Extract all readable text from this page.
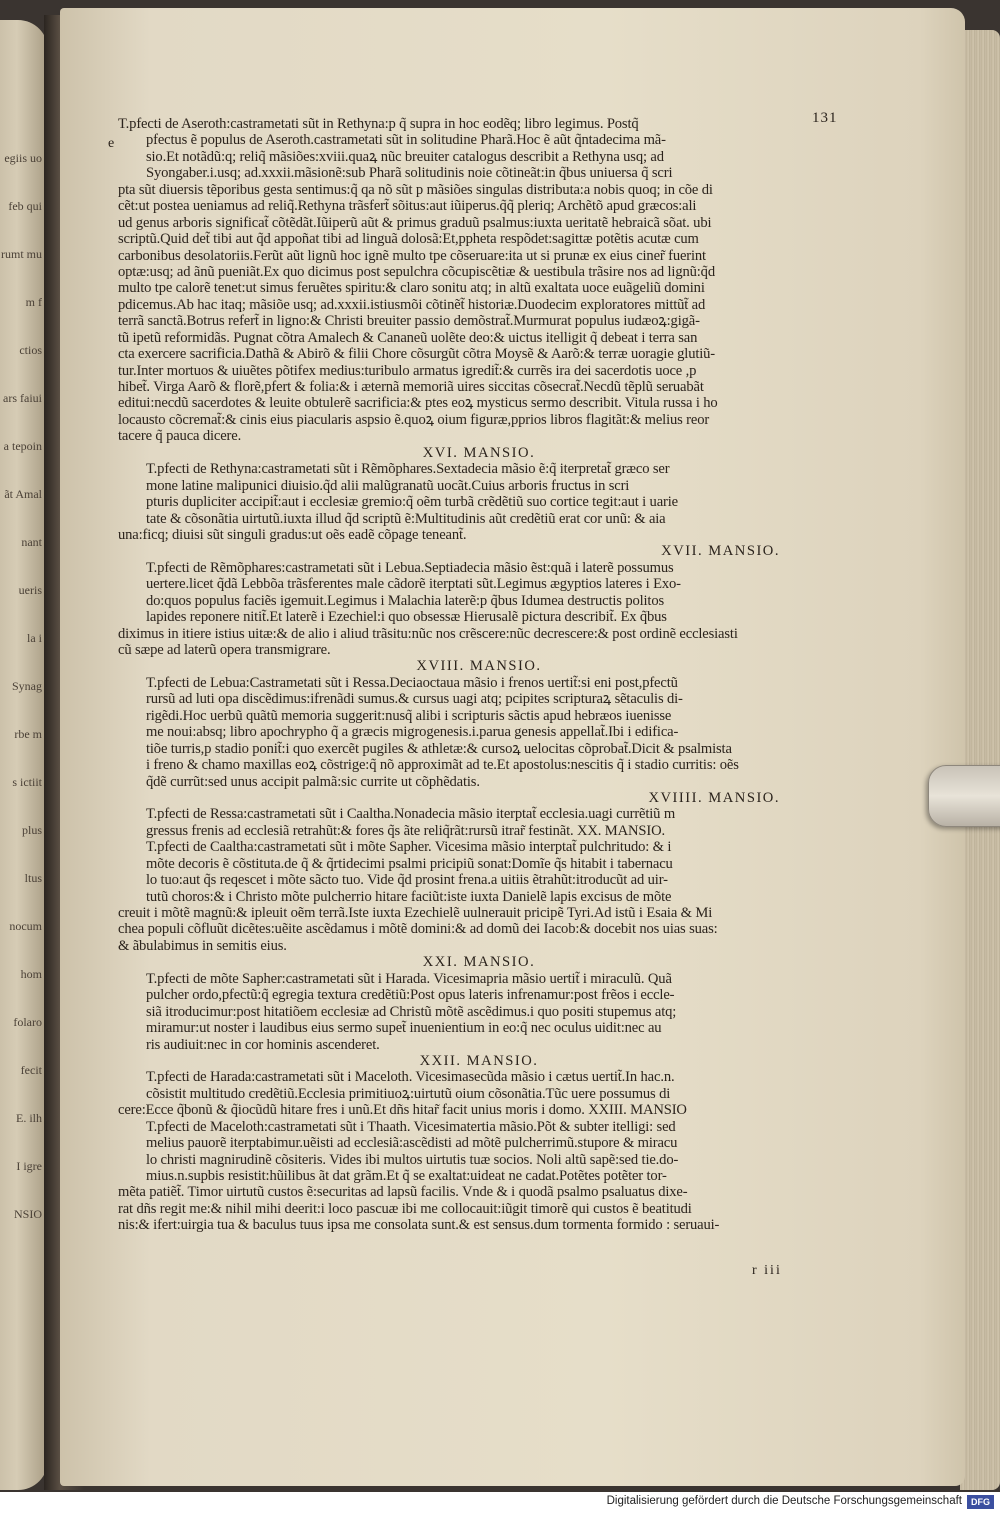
egiis uo
feb qui
rumt mu
m f
ctios
ars faiui
a tepoin
ãt Amal
nant
ueris
la i
Synag
rbe m
s ictiit
plus
ltus
nocum
hom
folaro
fecit
E. ilh
I igre
NSIO
131
e
T.pfecti de Aseroth:castrametati sũt in Rethyna:p q̃ supra in hoc eodẽq; libro legimus. Postq̃
pfectus ẽ populus de Aseroth.castrametati sũt in solitudine Pharã.Hoc ẽ aũt q̃ntadecima mã-
sio.Et notãdũ:q; reliq̃ mãsiões:xviii.quaꝝ nũc breuiter catalogus describit a Rethyna usq; ad
Syongaber.i.usq; ad.xxxii.mãsionẽ:sub Pharã solitudinis noie cõtineãt:in q̃bus uniuersa q̃ scri
pta sũt diuersis tẽporibus gesta sentimus:q̃ qa nõ sũt p mãsiões singulas distributa:a nobis quoq; in cõe di
cẽt:ut postea ueniamus ad reliq̃.Rethyna trãsfert̃ sõitus:aut iũiperus.q̃q̃ pleriq; Archẽtõ apud græcos:ali
ud genus arboris significat̃ cõtẽdãt.Iũiperũ aũt & primus graduũ psalmus:iuxta ueritatẽ hebraicã sõat. ubi
scriptũ.Quid det̃ tibi aut q̃d appoñat tibi ad linguã dolosã:Et,ppheta respõdet:sagittæ potẽtis acutæ cum
carbonibus desolatoriis.Ferũt aũt lignũ hoc ignẽ multo tpe cõseruare:ita ut si prunæ ex eius ciner̃ fuerint
optæ:usq; ad ãnũ pueniãt.Ex quo dicimus post sepulchra cõcupiscẽtiæ & uestibula trãsire nos ad lignũ:q̃d
multo tpe calorẽ tenet:ut simus feruẽtes spiritu:& claro sonitu atq; in altũ exaltata uoce euãgeliũ domini
pdicemus.Ab hac itaq; mãsiõe usq; ad.xxxii.istiusmõi cõtinẽt̃ historiæ.Duodecim exploratores mittũt̃ ad
terrã sanctã.Botrus refert̃ in ligno:& Christi breuiter passio demõstrat̃.Murmurat populus iudæoꝝ:gigã-
tũ ipetũ reformidãs. Pugnat cõtra Amalech & Cananeũ uolẽte deo:& uictus itelligit q̃ debeat i terra san
cta exercere sacrificia.Dathã & Abirõ & filii Chore cõsurgũt cõtra Moysẽ & Aarõ:& terræ uoragie glutiũ-
tur.Inter mortuos & uiuẽtes põtifex medius:turibulo armatus igredit̃:& currẽs ira dei sacerdotis uoce ,p
hibet̃. Virga Aarõ & florẽ,pfert & folia:& i æternã memoriã uires siccitas cõsecrat̃.Necdũ tẽplũ seruabãt
editui:necdũ sacerdotes & leuite obtulerẽ sacrificia:& ptes eoꝝ mysticus sermo describit. Vitula russa i ho
locausto cõcremat̃:& cinis eius piacularis aspsio ẽ.quoꝝ oium figuræ,pprios libros flagitãt:& melius reor
tacere q̃ pauca dicere.
XVI. MANSIO.
T.pfecti de Rethyna:castrametati sũt i Rẽmõphares.Sextadecia mãsio ẽ:q̃ iterpretat̃ græco ser
mone latine malipunici diuisio.q̃d alii malũgranatũ uocãt.Cuius arboris fructus in scri
pturis dupliciter accipit̃:aut i ecclesiæ gremio:q̃ oẽm turbã crẽdẽtiũ suo cortice tegit:aut i uarie
tate & cõsonãtia uirtutũ.iuxta illud q̃d scriptũ ẽ:Multitudinis aũt credẽtiũ erat cor unũ: & aia
una:ficq; diuisi sũt singuli gradus:ut oẽs eadẽ cõpage teneant̃.
XVII. MANSIO.
T.pfecti de Rẽmõphares:castrametati sũt i Lebua.Septiadecia mãsio ẽst:quã i laterẽ possumus
uertere.licet q̃dã Lebbõa trãsferentes male cãdorẽ iterptati sũt.Legimus ægyptios lateres i Exo-
do:quos populus faciẽs igemuit.Legimus i Malachia laterẽ:p q̃bus Idumea destructis politos
lapides reponere nitit̃.Et laterẽ i Ezechiel:i quo obsessæ Hierusalẽ pictura describit̃. Ex q̃bus
diximus in itiere istius uitæ:& de alio i aliud trãsitu:nũc nos crẽscere:nũc decrescere:& post ordinẽ ecclesiasti
cũ sæpe ad laterũ opera transmigrare.
XVIII. MANSIO.
T.pfecti de Lebua:Castrametati sũt i Ressa.Deciaoctaua mãsio i frenos uertit̃:si eni post,pfectũ
rursũ ad luti opa discẽdimus:ifrenãdi sumus.& cursus uagi atq; pcipites scripturaꝝ sẽtaculis di-
rigẽdi.Hoc uerbũ quãtũ memoria suggerit:nusq̃ alibi i scripturis sãctis apud hebræos iuenisse
me noui:absq; libro apochrypho q̃ a græcis migrogenesis.i.parua genesis appellat̃.Ibi i edifica-
tiõe turris,p stadio ponit̃:i quo exercẽt pugiles & athletæ:& cursoꝝ uelocitas cõprobat̃.Dicit & psalmista
i freno & chamo maxillas eoꝝ cõstrige:q̃ nõ approximãt ad te.Et apostolus:nescitis q̃ i stadio curritis: oẽs
q̃dẽ currũt:sed unus accipit palmã:sic currite ut cõphẽdatis.
XVIIII. MANSIO.
T.pfecti de Ressa:castrametati sũt i Caaltha.Nonadecia mãsio iterptat̃ ecclesia.uagi currẽtiũ m
gressus frenis ad ecclesiã retrahũt:& fores q̃s ãte reliq̃rãt:rursũ itrar̃ festinãt. XX. MANSIO.
T.pfecti de Caaltha:castrametati sũt i mõte Sapher. Vicesima mãsio interptat̃ pulchritudo: & i
mõte decoris ẽ cõstituta.de q̃ & q̃rtidecimi psalmi pricipiũ sonat:Domĩe q̃s hitabit i tabernacu
lo tuo:aut q̃s reqescet i mõte sãcto tuo. Vide q̃d prosint frena.a uitiis ẽtrahũt:itroducũt ad uir-
tutũ choros:& i Christo mõte pulcherrio hitare faciũt:iste iuxta Danielẽ lapis excisus de mõte
creuit i mõtẽ magnũ:& ipleuit oẽm terrã.Iste iuxta Ezechielẽ uulnerauit pricipẽ Tyri.Ad istũ i Esaia & Mi
chea populi cõfluũt dicẽtes:uẽite ascẽdamus i mõtẽ domini:& ad domũ dei Iacob:& docebit nos uias suas:
& ãbulabimus in semitis eius.
XXI. MANSIO.
T.pfecti de mõte Sapher:castrametati sũt i Harada. Vicesimapria mãsio uertit̃ i miraculũ. Quã
pulcher ordo,pfectũ:q̃ egregia textura credẽtiũ:Post opus lateris infrenamur:post frẽos i eccle-
siã itroducimur:post hitatiõem ecclesiæ ad Christũ mõtẽ ascẽdimus.i quo positi stupemus atq;
miramur:ut noster i laudibus eius sermo supet̃ inuenientium in eo:q̃ nec oculus uidit:nec au
ris audiuit:nec in cor hominis ascenderet.
XXII. MANSIO.
T.pfecti de Harada:castrametati sũt i Maceloth. Vicesimasecũda mãsio i cætus uertit̃.In hac.n.
cõsistit multitudo credẽtiũ.Ecclesia primitiuoꝝ:uirtutũ oium cõsonãtia.Tũc uere possumus di
cere:Ecce q̃bonũ & q̃iocũdũ hitare fres i unũ.Et dñs hitar̃ facit unius moris i domo. XXIII. MANSIO
T.pfecti de Maceloth:castrametati sũt i Thaath. Vicesimatertia mãsio.Põt & subter itelligi: sed
melius pauorẽ iterptabimur.uẽisti ad ecclesiã:ascẽdisti ad mõtẽ pulcherrimũ.stupore & miracu
lo christi magnirudinẽ cõsiteris. Vides ibi multos uirtutis tuæ socios. Noli altũ sapẽ:sed tie.do-
mius.n.supbis resistit:hũilibus ãt dat grãm.Et q̃ se exaltat:uideat ne cadat.Potẽtes potẽter tor-
mẽta patiẽt̃. Timor uirtutũ custos ẽ:securitas ad lapsũ facilis. Vnde & i quodã psalmo psaluatus dixe-
rat dñs regit me:& nihil mihi deerit:i loco pascuæ ibi me collocauit:iũgit timorẽ qui custos ẽ beatitudi
nis:& ifert:uirgia tua & baculus tuus ipsa me consolata sunt.& est sensus.dum tormenta formido : seruaui-
r iii
Digitalisierung gefördert durch die Deutsche Forschungsgemeinschaft	DFG
